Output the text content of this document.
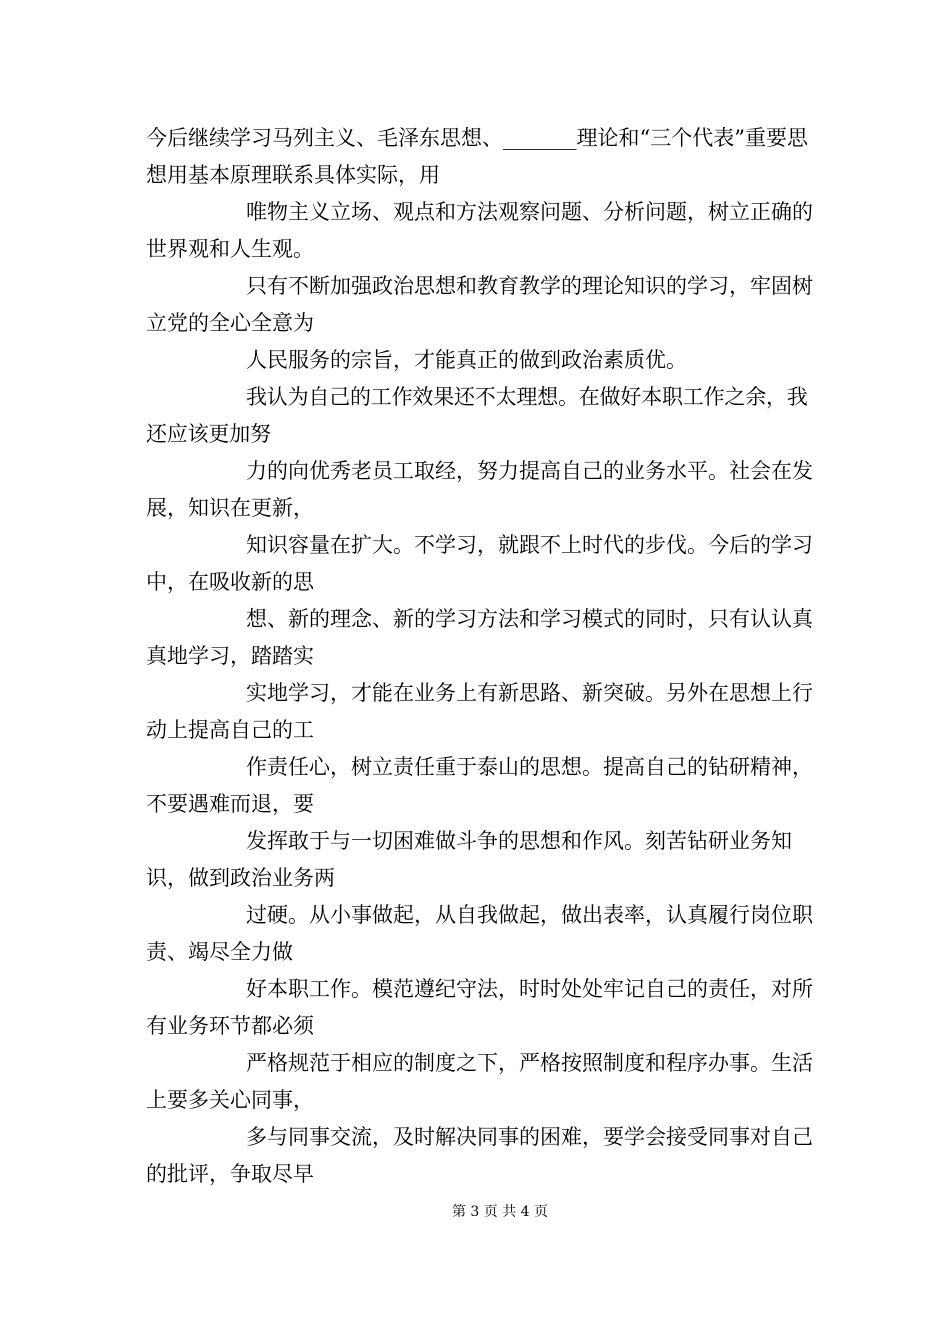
今后继续学习马列主义、毛泽东思想、_______理论和“三个代表”重要思想用基本原理联系具体实际，用

唯物主义立场、观点和方法观察问题、分析问题，树立正确的世界观和人生观。

只有不断加强政治思想和教育教学的理论知识的学习，牢固树立党的全心全意为

人民服务的宗旨，才能真正的做到政治素质优。

我认为自己的工作效果还不太理想。在做好本职工作之余，我还应该更加努

力的向优秀老员工取经，努力提高自己的业务水平。社会在发展，知识在更新，

知识容量在扩大。不学习，就跟不上时代的步伐。今后的学习中，在吸收新的思

想、新的理念、新的学习方法和学习模式的同时，只有认认真真地学习，踏踏实

实地学习，才能在业务上有新思路、新突破。另外在思想上行动上提高自己的工

作责任心，树立责任重于泰山的思想。提高自己的钻研精神，不要遇难而退，要

发挥敢于与一切困难做斗争的思想和作风。刻苦钻研业务知识，做到政治业务两

过硬。从小事做起，从自我做起，做出表率，认真履行岗位职责、竭尽全力做

好本职工作。模范遵纪守法，时时处处牢记自己的责任，对所有业务环节都必须

严格规范于相应的制度之下，严格按照制度和程序办事。生活上要多关心同事，

多与同事交流，及时解决同事的困难，要学会接受同事对自己的批评，争取尽早

第 3 页 共 4 页
